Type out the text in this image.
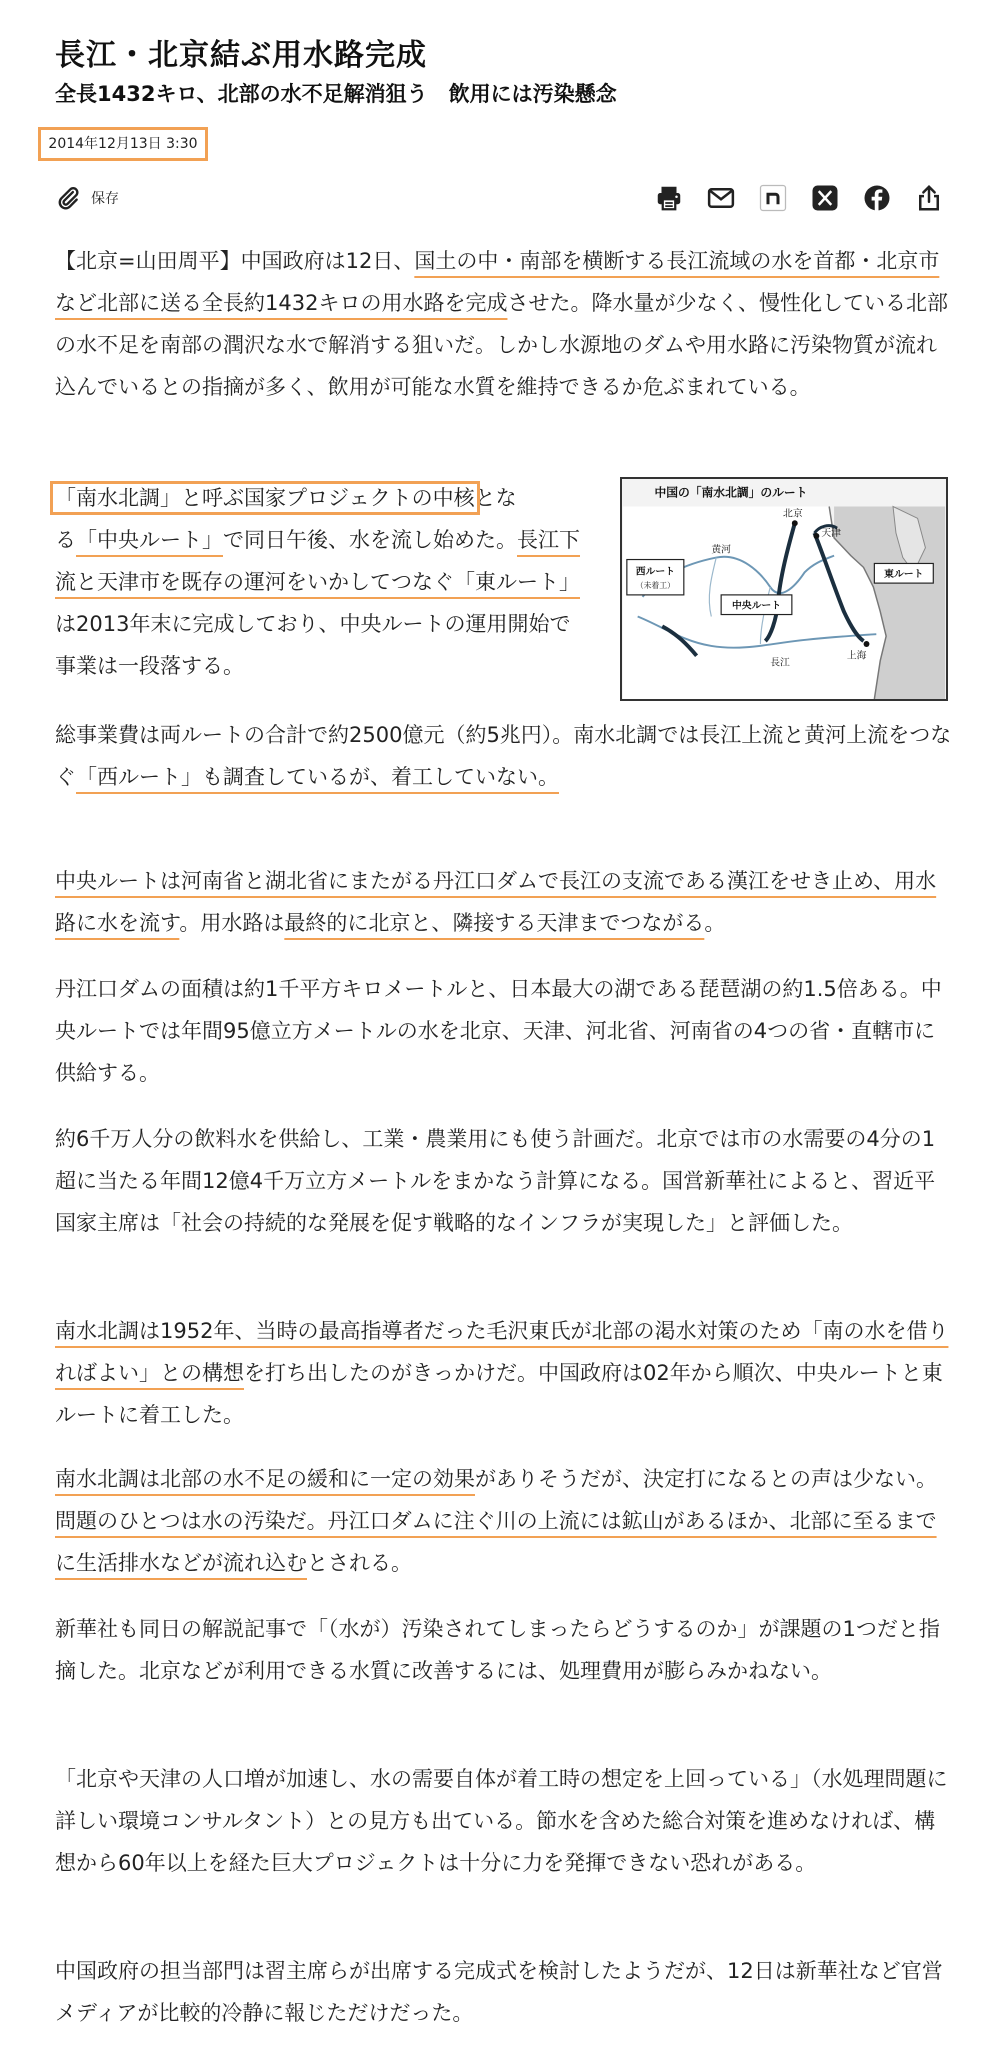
長江・北京結ぶ用水路完成
全長1432キロ、北部の水不足解消狙う　飲用には汚染懸念
2014年12月13日 3:30
保存

【北京=山田周平】中国政府は12日、国土の中・南部を横断する長江流域の水を首都・北京市など北部に送る全長約1432キロの用水路を完成させた。降水量が少なく、慢性化している北部の水不足を南部の潤沢な水で解消する狙いだ。しかし水源地のダムや用水路に汚染物質が流れ込んでいるとの指摘が多く、飲用が可能な水質を維持できるか危ぶまれている。

「南水北調」と呼ぶ国家プロジェクトの中核とな
る「中央ルート」で同日午後、水を流し始めた。長江下流と天津市を既存の運河をいかしてつなぐ「東ルート」は2013年末に完成しており、中央ルートの運用開始で事業は一段落する。

中国の「南水北調」のルート
北京
天津
黄河
西ルート
（未着工）
中央ルート
東ルート
上海
長江

総事業費は両ルートの合計で約2500億元（約5兆円）。南水北調では長江上流と黄河上流をつなぐ「西ルート」も調査しているが、着工していない。

中央ルートは河南省と湖北省にまたがる丹江口ダムで長江の支流である漢江をせき止め、用水路に水を流す。用水路は最終的に北京と、隣接する天津までつながる。

丹江口ダムの面積は約1千平方キロメートルと、日本最大の湖である琵琶湖の約1.5倍ある。中央ルートでは年間95億立方メートルの水を北京、天津、河北省、河南省の4つの省・直轄市に供給する。

約6千万人分の飲料水を供給し、工業・農業用にも使う計画だ。北京では市の水需要の4分の1超に当たる年間12億4千万立方メートルをまかなう計算になる。国営新華社によると、習近平国家主席は「社会の持続的な発展を促す戦略的なインフラが実現した」と評価した。

南水北調は1952年、当時の最高指導者だった毛沢東氏が北部の渇水対策のため「南の水を借りればよい」との構想を打ち出したのがきっかけだ。中国政府は02年から順次、中央ルートと東ルートに着工した。

南水北調は北部の水不足の緩和に一定の効果がありそうだが、決定打になるとの声は少ない。問題のひとつは水の汚染だ。丹江口ダムに注ぐ川の上流には鉱山があるほか、北部に至るまでに生活排水などが流れ込むとされる。

新華社も同日の解説記事で「（水が）汚染されてしまったらどうするのか」が課題の1つだと指摘した。北京などが利用できる水質に改善するには、処理費用が膨らみかねない。

「北京や天津の人口増が加速し、水の需要自体が着工時の想定を上回っている」（水処理問題に詳しい環境コンサルタント）との見方も出ている。節水を含めた総合対策を進めなければ、構想から60年以上を経た巨大プロジェクトは十分に力を発揮できない恐れがある。

中国政府の担当部門は習主席らが出席する完成式を検討したようだが、12日は新華社など官営メディアが比較的冷静に報じただけだった。
